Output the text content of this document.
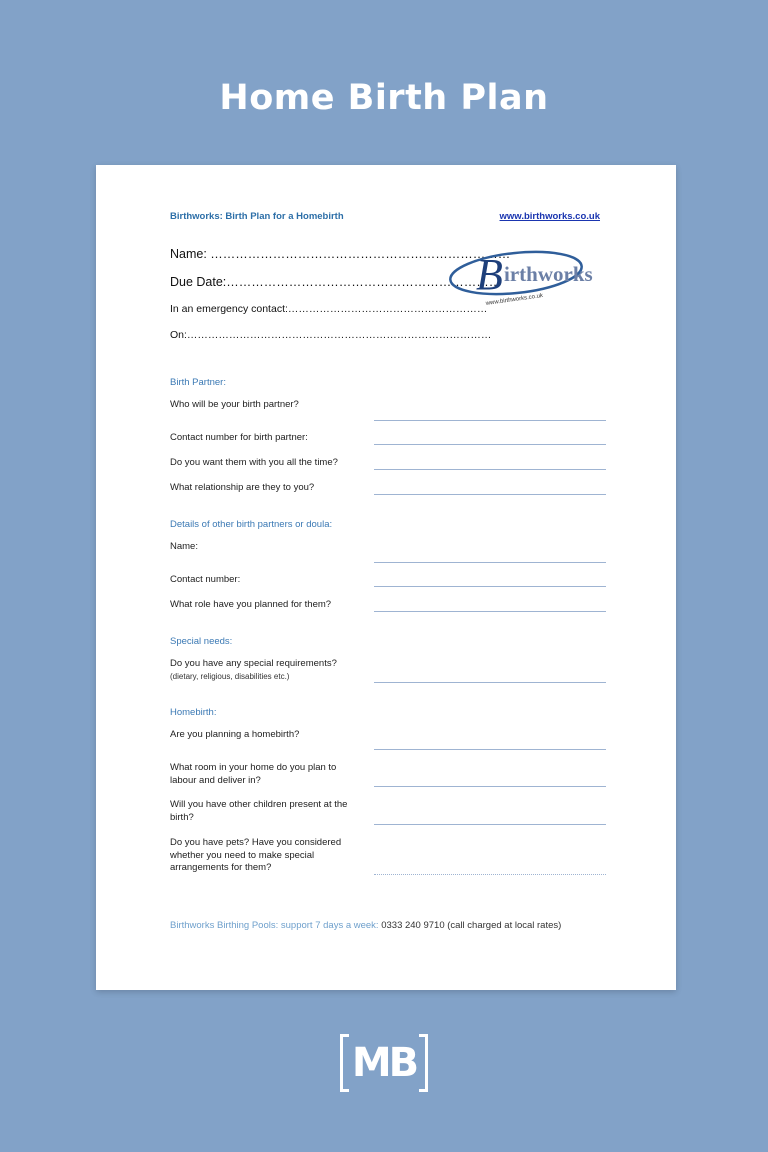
Home Birth Plan
Birthworks: Birth Plan for a Homebirth	www.birthworks.co.uk
Name: ………………………………………………………………
Due Date:…………………………………………………………
In an emergency contact:…………………………………………………
On:……………………………………………………………………………
B irthworks
www.birthworks.co.uk
Birth Partner:
Who will be your birth partner?
Contact number for birth partner:
Do you want them with you all the time?
What relationship are they to you?
Details of other birth partners or doula:
Name:
Contact number:
What role have you planned for them?
Special needs:
Do you have any special requirements?
(dietary, religious, disabilities etc.)
Homebirth:
Are you planning a homebirth?
What room in your home do you plan to labour and deliver in?
Will you have other children present at the birth?
Do you have pets? Have you considered whether you need to make special arrangements for them?
Birthworks Birthing Pools: support 7 days a week: 0333 240 9710 (call charged at local rates)
MB
